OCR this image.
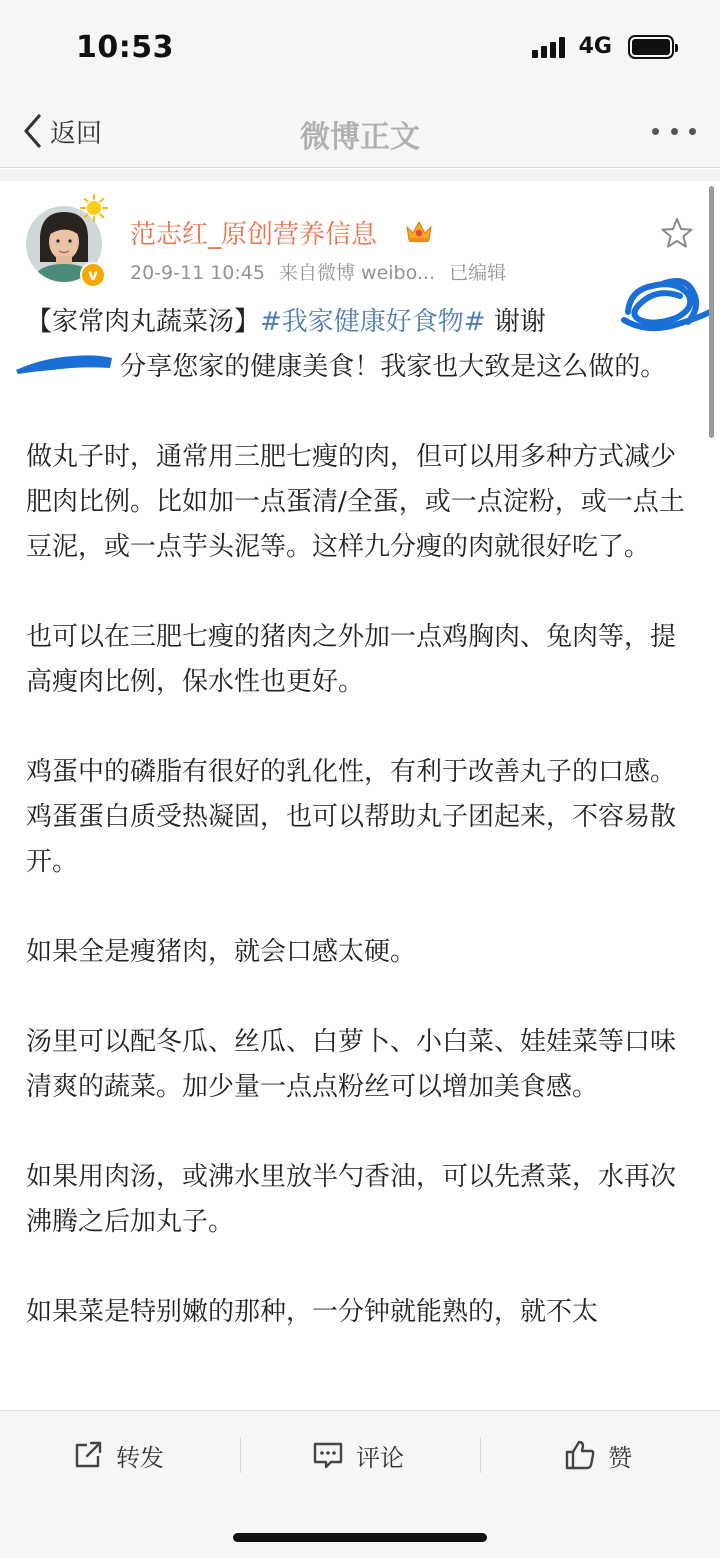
10:53	4G
返回	微博正文
v
范志红_原创营养信息
20-9-11 10:45 来自微博 weibo... 已编辑

【家常肉丸蔬菜汤】#我家健康好食物# 谢谢
分享您家的健康美食！我家也大致是这么做的。

做丸子时，通常用三肥七瘦的肉，但可以用多种方式减少肥肉比例。比如加一点蛋清/全蛋，或一点淀粉，或一点土豆泥，或一点芋头泥等。这样九分瘦的肉就很好吃了。

也可以在三肥七瘦的猪肉之外加一点鸡胸肉、兔肉等，提高瘦肉比例，保水性也更好。

鸡蛋中的磷脂有很好的乳化性，有利于改善丸子的口感。鸡蛋蛋白质受热凝固，也可以帮助丸子团起来，不容易散开。

如果全是瘦猪肉，就会口感太硬。

汤里可以配冬瓜、丝瓜、白萝卜、小白菜、娃娃菜等口味清爽的蔬菜。加少量一点点粉丝可以增加美食感。

如果用肉汤，或沸水里放半勺香油，可以先煮菜，水再次沸腾之后加丸子。

如果菜是特别嫩的那种，一分钟就能熟的，就不太

转发	评论	赞
